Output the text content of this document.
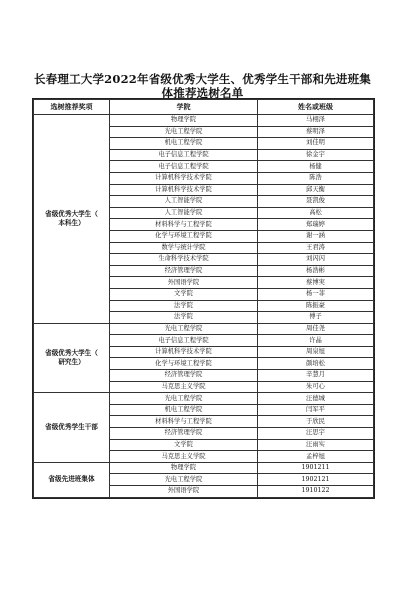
长春理工大学2022年省级优秀大学生、优秀学生干部和先进班集
体推荐选树名单
选树推荐奖项	学院	姓名或班级

省级优秀大学生（
本科生）	物理学院	马栩泽
	光电工程学院	蔡明泽
	机电工程学院	刘佳明
	电子信息工程学院	徐金宇
	电子信息工程学院	杨健
	计算机科学技术学院	陈浩
	计算机科学技术学院	邱天衡
	人工智能学院	聂凯俊
	人工智能学院	高松
	材料科学与工程学院	郑瑞婷
	化学与环境工程学院	谢一涵
	数学与统计学院	王君涛
	生命科学技术学院	刘闪闪
	经济管理学院	杨浩彬
	外国语学院	蔡博実
	文学院	杨一菲
	法学院	陈振豪
	法学院	傅子

省级优秀大学生（
研究生）	光电工程学院	周佳尧
	电子信息工程学院	许晶
	计算机科学技术学院	周泉旭
	化学与环境工程学院	颜培松
	经济管理学院	辛慧月
	马克思主义学院	朱可心

省级优秀学生干部	光电工程学院	汪德城
	机电工程学院	闫军平
	材料科学与工程学院	于欣民
	经济管理学院	汪思宇
	文学院	汪雨实
	马克思主义学院	孟梓旭

省级先进班集体	物理学院	1901211
	光电工程学院	1902121
	外国语学院	1910122
